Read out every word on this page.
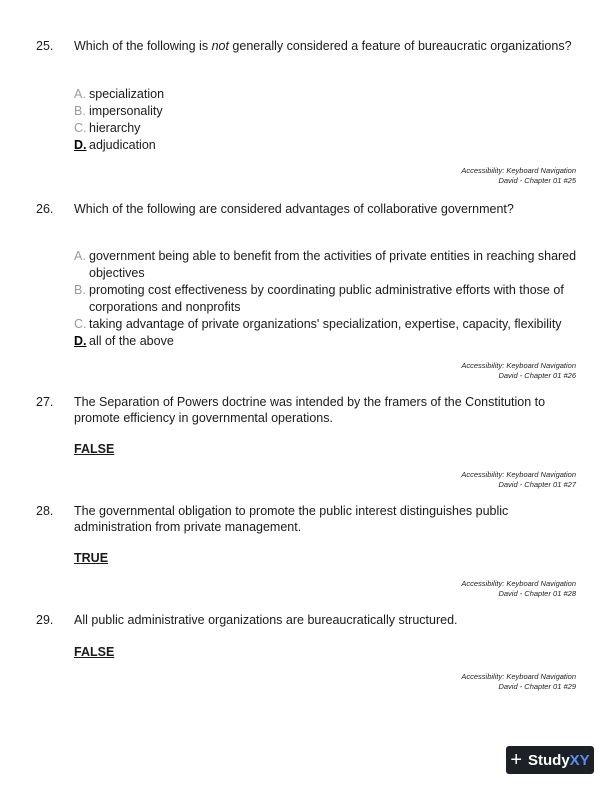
25. Which of the following is not generally considered a feature of bureaucratic organizations?
A. specialization
B. impersonality
C. hierarchy
D. adjudication
Accessibility: Keyboard Navigation
David - Chapter 01 #25
26. Which of the following are considered advantages of collaborative government?
A. government being able to benefit from the activities of private entities in reaching shared objectives
B. promoting cost effectiveness by coordinating public administrative efforts with those of corporations and nonprofits
C. taking advantage of private organizations' specialization, expertise, capacity, flexibility
D. all of the above
Accessibility: Keyboard Navigation
David - Chapter 01 #26
27. The Separation of Powers doctrine was intended by the framers of the Constitution to promote efficiency in governmental operations.
FALSE
Accessibility: Keyboard Navigation
David - Chapter 01 #27
28. The governmental obligation to promote the public interest distinguishes public administration from private management.
TRUE
Accessibility: Keyboard Navigation
David - Chapter 01 #28
29. All public administrative organizations are bureaucratically structured.
FALSE
Accessibility: Keyboard Navigation
David - Chapter 01 #29
+ StudyXY
